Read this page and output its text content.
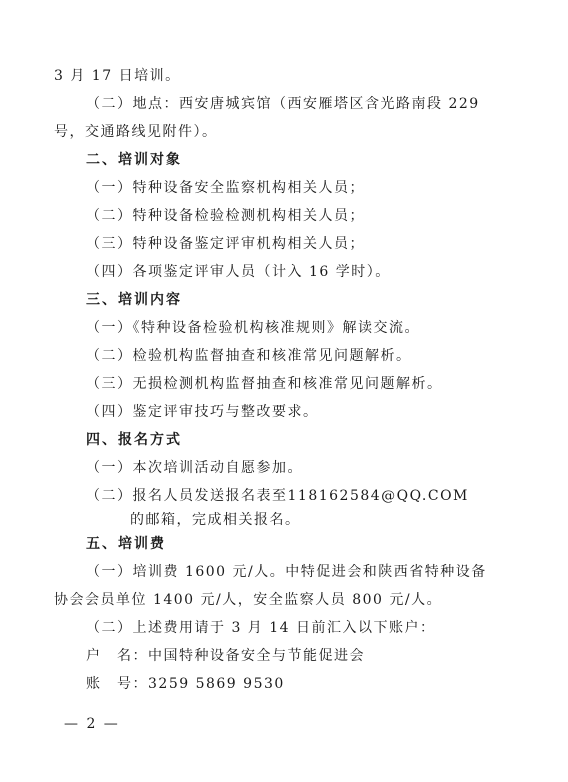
3 月 17 日培训。
（二）地点：西安唐城宾馆（西安雁塔区含光路南段 229
号，交通路线见附件）。
二、培训对象
（一）特种设备安全监察机构相关人员；
（二）特种设备检验检测机构相关人员；
（三）特种设备鉴定评审机构相关人员；
（四）各项鉴定评审人员（计入 16 学时）。
三、培训内容
（一）《特种设备检验机构核准规则》解读交流。
（二）检验机构监督抽查和核准常见问题解析。
（三）无损检测机构监督抽查和核准常见问题解析。
（四）鉴定评审技巧与整改要求。
四、报名方式
（一）本次培训活动自愿参加。
（二）报名人员发送报名表至118162584@QQ.COM
的邮箱，完成相关报名。
五、培训费
（一）培训费 1600 元/人。中特促进会和陕西省特种设备
协会会员单位 1400 元/人，安全监察人员 800 元/人。
（二）上述费用请于 3 月 14 日前汇入以下账户：
户　名：中国特种设备安全与节能促进会
账　号：3259 5869 9530
— 2 —
